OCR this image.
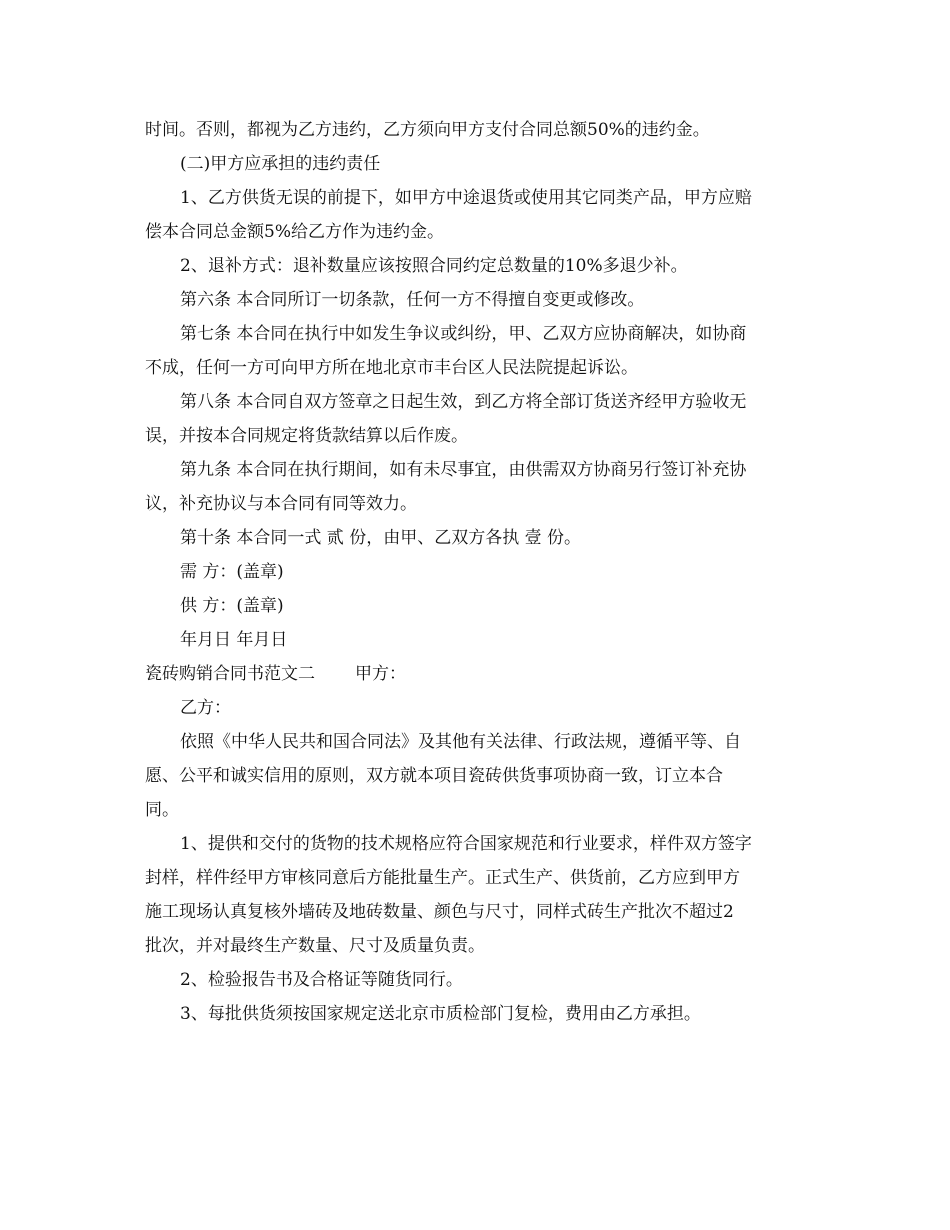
时间。否则，都视为乙方违约，乙方须向甲方支付合同总额50%的违约金。

(二)甲方应承担的违约责任

1、乙方供货无误的前提下，如甲方中途退货或使用其它同类产品，甲方应赔

偿本合同总金额5%给乙方作为违约金。

2、退补方式：退补数量应该按照合同约定总数量的10%多退少补。

第六条 本合同所订一切条款，任何一方不得擅自变更或修改。

第七条 本合同在执行中如发生争议或纠纷，甲、乙双方应协商解决，如协商

不成，任何一方可向甲方所在地北京市丰台区人民法院提起诉讼。

第八条 本合同自双方签章之日起生效，到乙方将全部订货送齐经甲方验收无

误，并按本合同规定将货款结算以后作废。

第九条 本合同在执行期间，如有未尽事宜，由供需双方协商另行签订补充协

议，补充协议与本合同有同等效力。

第十条 本合同一式 贰 份，由甲、乙双方各执 壹 份。

需 方：(盖章)

供 方：(盖章)

年月日 年月日

瓷砖购销合同书范文二 甲方：

乙方：

依照《中华人民共和国合同法》及其他有关法律、行政法规，遵循平等、自

愿、公平和诚实信用的原则，双方就本项目瓷砖供货事项协商一致，订立本合

同。

1、提供和交付的货物的技术规格应符合国家规范和行业要求，样件双方签字

封样，样件经甲方审核同意后方能批量生产。正式生产、供货前，乙方应到甲方

施工现场认真复核外墙砖及地砖数量、颜色与尺寸，同样式砖生产批次不超过2

批次，并对最终生产数量、尺寸及质量负责。

2、检验报告书及合格证等随货同行。

3、每批供货须按国家规定送北京市质检部门复检，费用由乙方承担。
